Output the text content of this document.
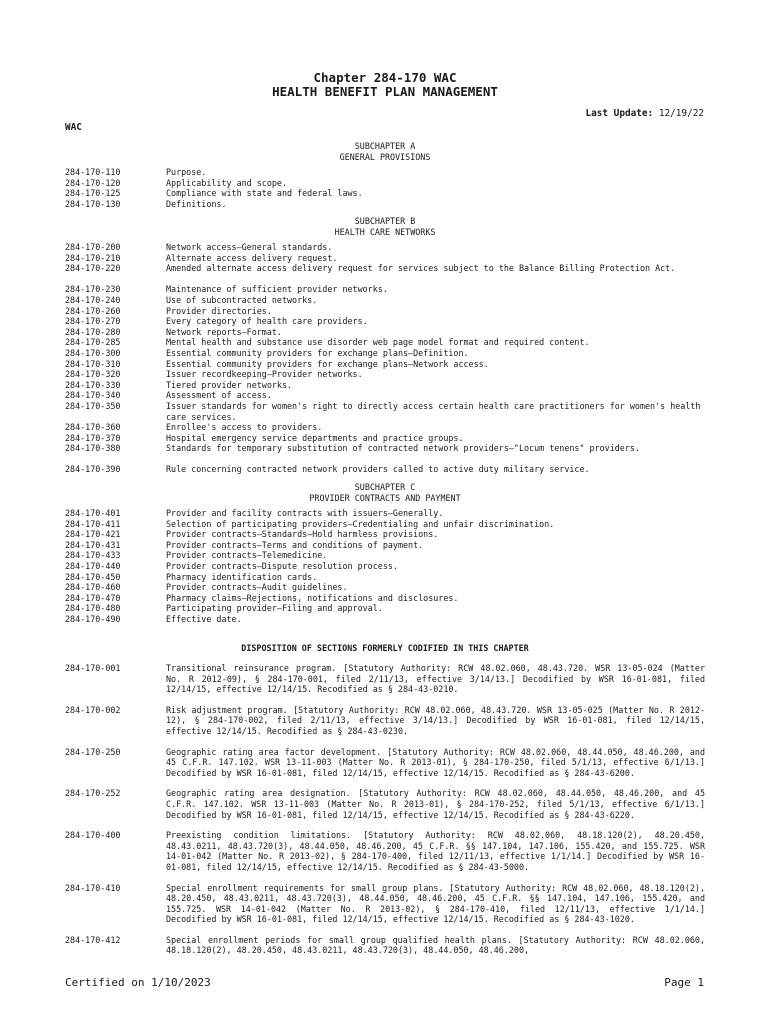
Chapter 284-170 WAC
HEALTH BENEFIT PLAN MANAGEMENT
Last Update: 12/19/22
WAC
SUBCHAPTER A
GENERAL PROVISIONS
284-170-110	Purpose.
284-170-120	Applicability and scope.
284-170-125	Compliance with state and federal laws.
284-170-130	Definitions.
SUBCHAPTER B
HEALTH CARE NETWORKS
284-170-200	Network access—General standards.
284-170-210	Alternate access delivery request.
284-170-220	Amended alternate access delivery request for services subject to the Balance Billing Protection Act.
284-170-230	Maintenance of sufficient provider networks.
284-170-240	Use of subcontracted networks.
284-170-260	Provider directories.
284-170-270	Every category of health care providers.
284-170-280	Network reports—Format.
284-170-285	Mental health and substance use disorder web page model format and required content.
284-170-300	Essential community providers for exchange plans—Definition.
284-170-310	Essential community providers for exchange plans—Network access.
284-170-320	Issuer recordkeeping—Provider networks.
284-170-330	Tiered provider networks.
284-170-340	Assessment of access.
284-170-350	Issuer standards for women's right to directly access certain health care practitioners for women's health care services.
284-170-360	Enrollee's access to providers.
284-170-370	Hospital emergency service departments and practice groups.
284-170-380	Standards for temporary substitution of contracted network providers—"Locum tenens" providers.
284-170-390	Rule concerning contracted network providers called to active duty military service.
SUBCHAPTER C
PROVIDER CONTRACTS AND PAYMENT
284-170-401	Provider and facility contracts with issuers—Generally.
284-170-411	Selection of participating providers—Credentialing and unfair discrimination.
284-170-421	Provider contracts—Standards—Hold harmless provisions.
284-170-431	Provider contracts—Terms and conditions of payment.
284-170-433	Provider contracts—Telemedicine.
284-170-440	Provider contracts—Dispute resolution process.
284-170-450	Pharmacy identification cards.
284-170-460	Provider contracts—Audit guidelines.
284-170-470	Pharmacy claims—Rejections, notifications and disclosures.
284-170-480	Participating provider—Filing and approval.
284-170-490	Effective date.
DISPOSITION OF SECTIONS FORMERLY CODIFIED IN THIS CHAPTER
284-170-001	Transitional reinsurance program. [Statutory Authority: RCW 48.02.060, 48.43.720. WSR 13-05-024 (Matter No. R 2012-09), § 284-170-001, filed 2/11/13, effective 3/14/13.] Decodified by WSR 16-01-081, filed 12/14/15, effective 12/14/15. Recodified as § 284-43-0210.
284-170-002	Risk adjustment program. [Statutory Authority: RCW 48.02.060, 48.43.720. WSR 13-05-025 (Matter No. R 2012-12), § 284-170-002, filed 2/11/13, effective 3/14/13.] Decodified by WSR 16-01-081, filed 12/14/15, effective 12/14/15. Recodified as § 284-43-0230.
284-170-250	Geographic rating area factor development. [Statutory Authority: RCW 48.02.060, 48.44.050, 48.46.200, and 45 C.F.R. 147.102. WSR 13-11-003 (Matter No. R 2013-01), § 284-170-250, filed 5/1/13, effective 6/1/13.] Decodified by WSR 16-01-081, filed 12/14/15, effective 12/14/15. Recodified as § 284-43-6200.
284-170-252	Geographic rating area designation. [Statutory Authority: RCW 48.02.060, 48.44.050, 48.46.200, and 45 C.F.R. 147.102. WSR 13-11-003 (Matter No. R 2013-01), § 284-170-252, filed 5/1/13, effective 6/1/13.] Decodified by WSR 16-01-081, filed 12/14/15, effective 12/14/15. Recodified as § 284-43-6220.
284-170-400	Preexisting condition limitations. [Statutory Authority: RCW 48.02.060, 48.18.120(2), 48.20.450, 48.43.0211, 48.43.720(3), 48.44.050, 48.46.200, 45 C.F.R. §§ 147.104, 147.106, 155.420, and 155.725. WSR 14-01-042 (Matter No. R 2013-02), § 284-170-400, filed 12/11/13, effective 1/1/14.] Decodified by WSR 16-01-081, filed 12/14/15, effective 12/14/15. Recodified as § 284-43-5000.
284-170-410	Special enrollment requirements for small group plans. [Statutory Authority: RCW 48.02.060, 48.18.120(2), 48.20.450, 48.43.0211, 48.43.720(3), 48.44.050, 48.46.200, 45 C.F.R. §§ 147.104, 147.106, 155.420, and 155.725. WSR 14-01-042 (Matter No. R 2013-02), § 284-170-410, filed 12/11/13, effective 1/1/14.] Decodified by WSR 16-01-081, filed 12/14/15, effective 12/14/15. Recodified as § 284-43-1020.
284-170-412	Special enrollment periods for small group qualified health plans. [Statutory Authority: RCW 48.02.060, 48.18.120(2), 48.20.450, 48.43.0211, 48.43.720(3), 48.44.050, 48.46.200,
Certified on 1/10/2023	Page 1
